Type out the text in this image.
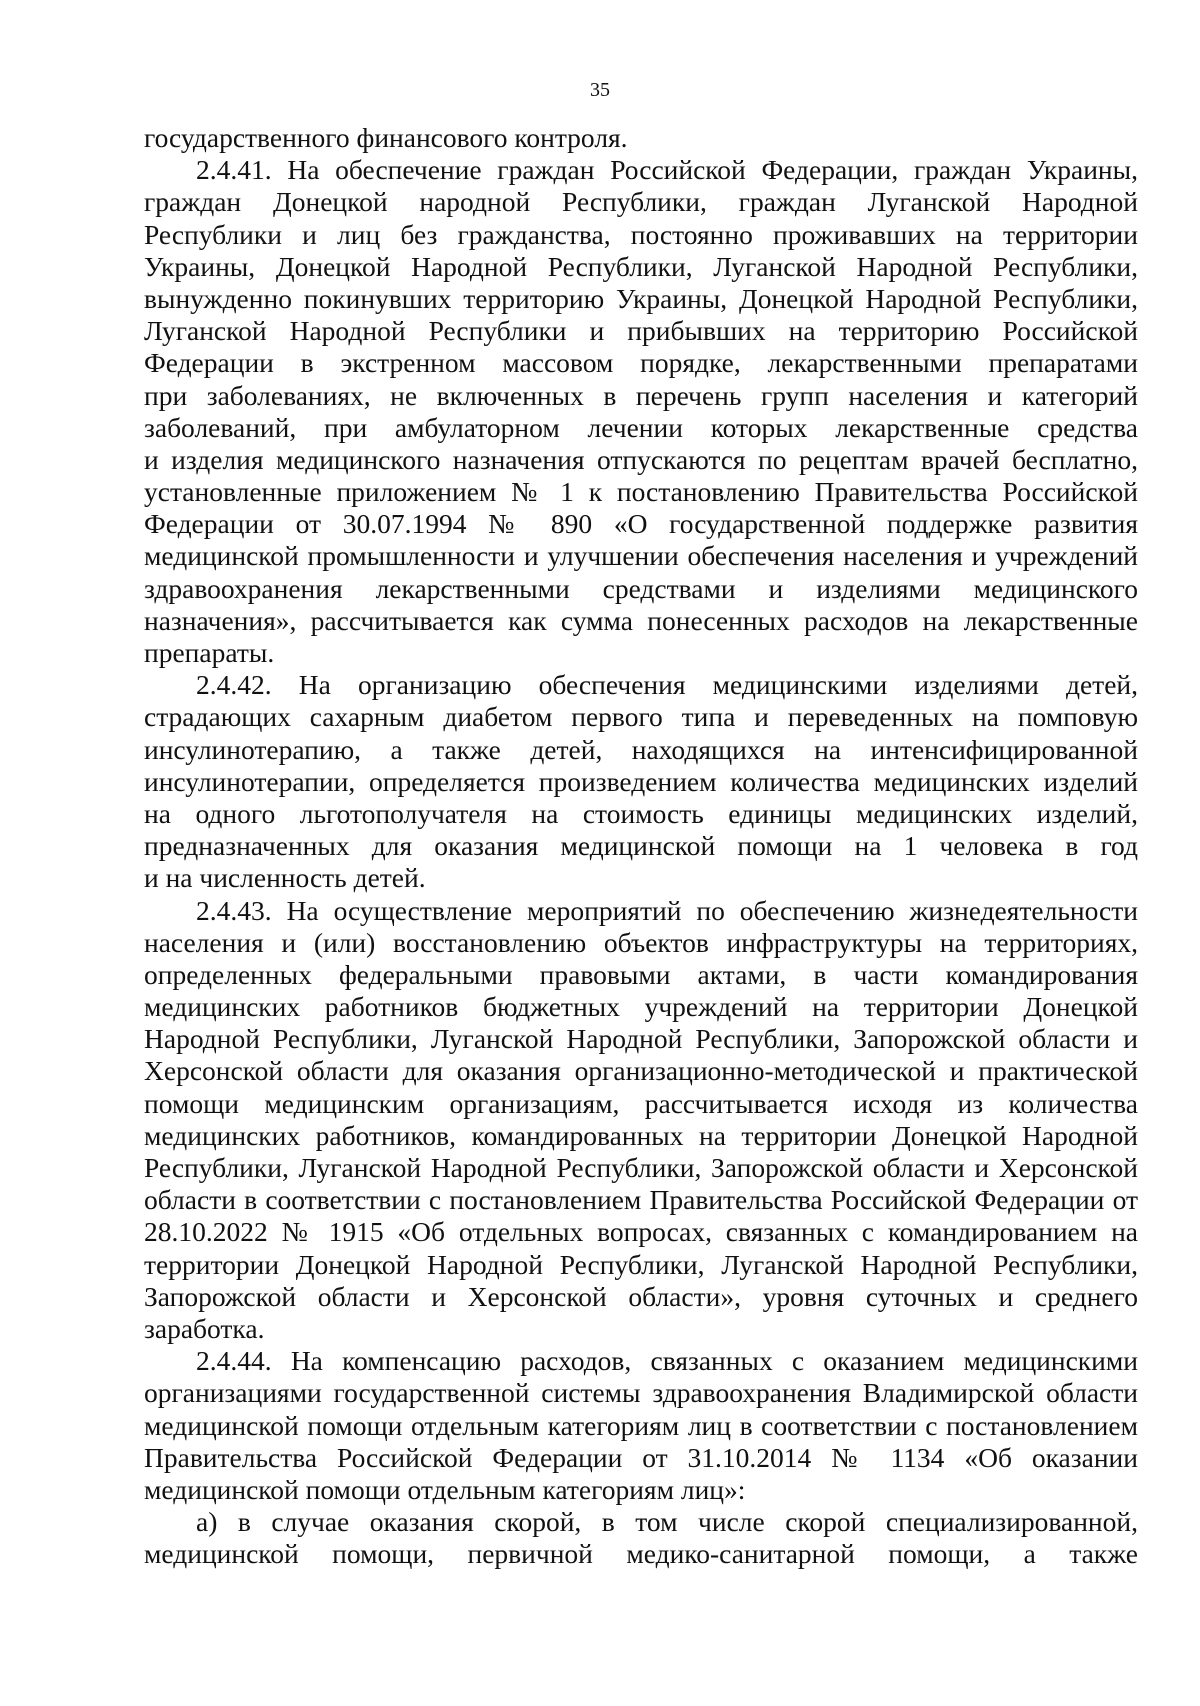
35
государственного финансового контроля.
2.4.41. На обеспечение граждан Российской Федерации, граждан Украины,
граждан Донецкой народной Республики, граждан Луганской Народной
Республики и лиц без гражданства, постоянно проживавших на территории
Украины, Донецкой Народной Республики, Луганской Народной Республики,
вынужденно покинувших территорию Украины, Донецкой Народной Республики,
Луганской Народной Республики и прибывших на территорию Российской
Федерации в экстренном массовом порядке, лекарственными препаратами
при заболеваниях, не включенных в перечень групп населения и категорий
заболеваний, при амбулаторном лечении которых лекарственные средства
и изделия медицинского назначения отпускаются по рецептам врачей бесплатно,
установленные приложением № 1 к постановлению Правительства Российской
Федерации от 30.07.1994 № 890 «О государственной поддержке развития
медицинской промышленности и улучшении обеспечения населения и учреждений
здравоохранения лекарственными средствами и изделиями медицинского
назначения», рассчитывается как сумма понесенных расходов на лекарственные
препараты.
2.4.42. На организацию обеспечения медицинскими изделиями детей,
страдающих сахарным диабетом первого типа и переведенных на помповую
инсулинотерапию, а также детей, находящихся на интенсифицированной
инсулинотерапии, определяется произведением количества медицинских изделий
на одного льготополучателя на стоимость единицы медицинских изделий,
предназначенных для оказания медицинской помощи на 1 человека в год
и на численность детей.
2.4.43. На осуществление мероприятий по обеспечению жизнедеятельности
населения и (или) восстановлению объектов инфраструктуры на территориях,
определенных федеральными правовыми актами, в части командирования
медицинских работников бюджетных учреждений на территории Донецкой
Народной Республики, Луганской Народной Республики, Запорожской области и
Херсонской области для оказания организационно-методической и практической
помощи медицинским организациям, рассчитывается исходя из количества
медицинских работников, командированных на территории Донецкой Народной
Республики, Луганской Народной Республики, Запорожской области и Херсонской
области в соответствии с постановлением Правительства Российской Федерации от
28.10.2022 № 1915 «Об отдельных вопросах, связанных с командированием на
территории Донецкой Народной Республики, Луганской Народной Республики,
Запорожской области и Херсонской области», уровня суточных и среднего
заработка.
2.4.44. На компенсацию расходов, связанных с оказанием медицинскими
организациями государственной системы здравоохранения Владимирской области
медицинской помощи отдельным категориям лиц в соответствии с постановлением
Правительства Российской Федерации от 31.10.2014 № 1134 «Об оказании
медицинской помощи отдельным категориям лиц»:
а) в случае оказания скорой, в том числе скорой специализированной,
медицинской помощи, первичной медико-санитарной помощи, а также
